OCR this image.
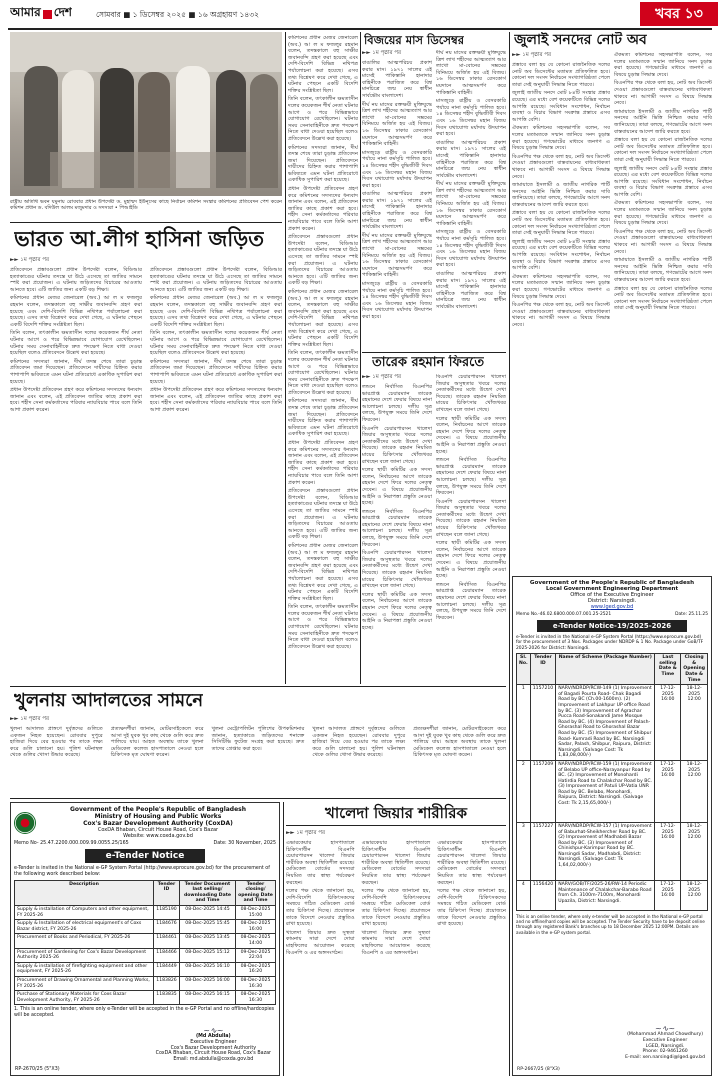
আমার দেশ	সোমবার ■ ১ ডিসেম্বর ২০২৫ ■ ১৬ অগ্রহায়ণ ১৪৩২	খবর ১৩
রাষ্ট্রীয় অতিথি ভবন যমুনায় রোববার প্রধান উপদেষ্টা ড. মুহাম্মদ ইউনূসের কাছে নির্বাচন কমিশন সংস্কার কমিশনের প্রতিবেদন পেশ করেন কমিশন প্রধান ড. বদিউল আলম মজুমদার ও সদস্যরা • পিআইডি
ভারত আ.লীগ হাসিনা জড়িত
►► ১ম পৃষ্ঠার পর

প্রতিবেদনে প্রস্তাবগুলো প্রধান উপদেষ্টা বলেন, বিডিআর হত্যাকাণ্ডের ঘটনার তদন্তে যা উঠে এসেছে তা জাতির সামনে স্পষ্ট করা প্রয়োজন। এ ঘটনায় জড়িতদের বিচারের আওতায় আনতে হবে। এটি জাতির জন্য একটি বড় শিক্ষা।

কমিশনের প্রধান মেজর জেনারেল (অব.) আ ল ম ফজলুর রহমান বলেন, তদন্তকালে বহু সাক্ষীর জবানবন্দি গ্রহণ করা হয়েছে এবং দেশি-বিদেশি বিভিন্ন নথিপত্র পর্যালোচনা করা হয়েছে। এসব তথ্য বিশ্লেষণ করে দেখা গেছে, এ ঘটনার পেছনে একটি বিদেশি শক্তির সংশ্লিষ্টতা ছিল।

তিনি বলেন, তৎকালীন ক্ষমতাসীন দলের কয়েকজন শীর্ষ নেতা ঘটনার আগে ও পরে বিভিন্নভাবে যোগাযোগ রেখেছিলেন। ঘটনার সময় সেনাবাহিনীকে দ্রুত পদক্ষেপ নিতে বাধা দেওয়া হয়েছিল বলেও প্রতিবেদনে উল্লেখ করা হয়েছে।

কমিশনের সদস্যরা জানান, দীর্ঘ তদন্ত শেষে তারা চূড়ান্ত প্রতিবেদন জমা দিয়েছেন। প্রতিবেদনে দায়ীদের চিহ্নিত করার পাশাপাশি ভবিষ্যতে এমন ঘটনা প্রতিরোধে একাধিক সুপারিশ করা হয়েছে।

প্রধান উপদেষ্টা প্রতিবেদন গ্রহণ করে কমিশনের সদস্যদের ধন্যবাদ জানান এবং বলেন, এই প্রতিবেদন জাতির কাছে প্রকাশ করা হবে। শহীদ সেনা কর্মকর্তাদের পরিবার ন্যায়বিচার পাবে বলে তিনি আশা প্রকাশ করেন।

প্রতিবেদনে প্রস্তাবগুলো প্রধান উপদেষ্টা বলেন, বিডিআর হত্যাকাণ্ডের ঘটনার তদন্তে যা উঠে এসেছে তা জাতির সামনে স্পষ্ট করা প্রয়োজন। এ ঘটনায় জড়িতদের বিচারের আওতায় আনতে হবে। এটি জাতির জন্য একটি বড় শিক্ষা।

কমিশনের প্রধান মেজর জেনারেল (অব.) আ ল ম ফজলুর রহমান বলেন, তদন্তকালে বহু সাক্ষীর জবানবন্দি গ্রহণ করা হয়েছে এবং দেশি-বিদেশি বিভিন্ন নথিপত্র পর্যালোচনা করা হয়েছে। এসব তথ্য বিশ্লেষণ করে দেখা গেছে, এ ঘটনার পেছনে একটি বিদেশি শক্তির সংশ্লিষ্টতা ছিল।

তিনি বলেন, তৎকালীন ক্ষমতাসীন দলের কয়েকজন শীর্ষ নেতা ঘটনার আগে ও পরে বিভিন্নভাবে যোগাযোগ রেখেছিলেন। ঘটনার সময় সেনাবাহিনীকে দ্রুত পদক্ষেপ নিতে বাধা দেওয়া হয়েছিল বলেও প্রতিবেদনে উল্লেখ করা হয়েছে।

কমিশনের সদস্যরা জানান, দীর্ঘ তদন্ত শেষে তারা চূড়ান্ত প্রতিবেদন জমা দিয়েছেন। প্রতিবেদনে দায়ীদের চিহ্নিত করার পাশাপাশি ভবিষ্যতে এমন ঘটনা প্রতিরোধে একাধিক সুপারিশ করা হয়েছে।

প্রধান উপদেষ্টা প্রতিবেদন গ্রহণ করে কমিশনের সদস্যদের ধন্যবাদ জানান এবং বলেন, এই প্রতিবেদন জাতির কাছে প্রকাশ করা হবে। শহীদ সেনা কর্মকর্তাদের পরিবার ন্যায়বিচার পাবে বলে তিনি আশা প্রকাশ করেন।

কমিশনের প্রধান মেজর জেনারেল (অব.) আ ল ম ফজলুর রহমান বলেন, তদন্তকালে বহু সাক্ষীর জবানবন্দি গ্রহণ করা হয়েছে এবং দেশি-বিদেশি বিভিন্ন নথিপত্র পর্যালোচনা করা হয়েছে। এসব তথ্য বিশ্লেষণ করে দেখা গেছে, এ ঘটনার পেছনে একটি বিদেশি শক্তির সংশ্লিষ্টতা ছিল।

তিনি বলেন, তৎকালীন ক্ষমতাসীন দলের কয়েকজন শীর্ষ নেতা ঘটনার আগে ও পরে বিভিন্নভাবে যোগাযোগ রেখেছিলেন। ঘটনার সময় সেনাবাহিনীকে দ্রুত পদক্ষেপ নিতে বাধা দেওয়া হয়েছিল বলেও প্রতিবেদনে উল্লেখ করা হয়েছে।

কমিশনের সদস্যরা জানান, দীর্ঘ তদন্ত শেষে তারা চূড়ান্ত প্রতিবেদন জমা দিয়েছেন। প্রতিবেদনে দায়ীদের চিহ্নিত করার পাশাপাশি ভবিষ্যতে এমন ঘটনা প্রতিরোধে একাধিক সুপারিশ করা হয়েছে।

প্রধান উপদেষ্টা প্রতিবেদন গ্রহণ করে কমিশনের সদস্যদের ধন্যবাদ জানান এবং বলেন, এই প্রতিবেদন জাতির কাছে প্রকাশ করা হবে। শহীদ সেনা কর্মকর্তাদের পরিবার ন্যায়বিচার পাবে বলে তিনি আশা প্রকাশ করেন।

প্রতিবেদনে প্রস্তাবগুলো প্রধান উপদেষ্টা বলেন, বিডিআর হত্যাকাণ্ডের ঘটনার তদন্তে যা উঠে এসেছে তা জাতির সামনে স্পষ্ট করা প্রয়োজন। এ ঘটনায় জড়িতদের বিচারের আওতায় আনতে হবে। এটি জাতির জন্য একটি বড় শিক্ষা।

কমিশনের প্রধান মেজর জেনারেল (অব.) আ ল ম ফজলুর রহমান বলেন, তদন্তকালে বহু সাক্ষীর জবানবন্দি গ্রহণ করা হয়েছে এবং দেশি-বিদেশি বিভিন্ন নথিপত্র পর্যালোচনা করা হয়েছে। এসব তথ্য বিশ্লেষণ করে দেখা গেছে, এ ঘটনার পেছনে একটি বিদেশি শক্তির সংশ্লিষ্টতা ছিল।

তিনি বলেন, তৎকালীন ক্ষমতাসীন দলের কয়েকজন শীর্ষ নেতা ঘটনার আগে ও পরে বিভিন্নভাবে যোগাযোগ রেখেছিলেন। ঘটনার সময় সেনাবাহিনীকে দ্রুত পদক্ষেপ নিতে বাধা দেওয়া হয়েছিল বলেও প্রতিবেদনে উল্লেখ করা হয়েছে।

কমিশনের সদস্যরা জানান, দীর্ঘ তদন্ত শেষে তারা চূড়ান্ত প্রতিবেদন জমা দিয়েছেন। প্রতিবেদনে দায়ীদের চিহ্নিত করার পাশাপাশি ভবিষ্যতে এমন ঘটনা প্রতিরোধে একাধিক সুপারিশ করা হয়েছে।

প্রধান উপদেষ্টা প্রতিবেদন গ্রহণ করে কমিশনের সদস্যদের ধন্যবাদ জানান এবং বলেন, এই প্রতিবেদন জাতির কাছে প্রকাশ করা হবে। শহীদ সেনা কর্মকর্তাদের পরিবার ন্যায়বিচার পাবে বলে তিনি আশা প্রকাশ করেন।

প্রতিবেদনে প্রস্তাবগুলো প্রধান উপদেষ্টা বলেন, বিডিআর হত্যাকাণ্ডের ঘটনার তদন্তে যা উঠে এসেছে তা জাতির সামনে স্পষ্ট করা প্রয়োজন। এ ঘটনায় জড়িতদের বিচারের আওতায় আনতে হবে। এটি জাতির জন্য একটি বড় শিক্ষা।

কমিশনের প্রধান মেজর জেনারেল (অব.) আ ল ম ফজলুর রহমান বলেন, তদন্তকালে বহু সাক্ষীর জবানবন্দি গ্রহণ করা হয়েছে এবং দেশি-বিদেশি বিভিন্ন নথিপত্র পর্যালোচনা করা হয়েছে। এসব তথ্য বিশ্লেষণ করে দেখা গেছে, এ ঘটনার পেছনে একটি বিদেশি শক্তির সংশ্লিষ্টতা ছিল।

তিনি বলেন, তৎকালীন ক্ষমতাসীন দলের কয়েকজন শীর্ষ নেতা ঘটনার আগে ও পরে বিভিন্নভাবে যোগাযোগ রেখেছিলেন। ঘটনার সময় সেনাবাহিনীকে দ্রুত পদক্ষেপ নিতে বাধা দেওয়া হয়েছিল বলেও প্রতিবেদনে উল্লেখ করা হয়েছে।

বিজয়ের মাস ডিসেম্বর
►► ১ম পৃষ্ঠার পর

বাঙালির আত্মপরিচয় প্রকাশ করার মাস। ১৯৭১ সালের এই মাসেই পাকিস্তানি হানাদার বাহিনীকে পরাজিত করে বিশ্ব মানচিত্রে জন্ম নেয় স্বাধীন সার্বভৌম বাংলাদেশ।

দীর্ঘ নয় মাসের রক্তক্ষয়ী মুক্তিযুদ্ধে ত্রিশ লাখ শহীদের আত্মত্যাগ আর লাখো মা-বোনের সম্ভ্রমের বিনিময়ে অর্জিত হয় এই বিজয়। ১৬ ডিসেম্বর ঢাকার রেসকোর্স ময়দানে আত্মসমর্পণ করে পাকিস্তানি বাহিনী।

মাসজুড়ে রাষ্ট্রীয় ও বেসরকারি পর্যায়ে নানা কর্মসূচি পালিত হবে। ১৪ ডিসেম্বর শহীদ বুদ্ধিজীবী দিবস এবং ১৬ ডিসেম্বর মহান বিজয় দিবস যথাযোগ্য মর্যাদায় উদযাপন করা হবে।

বাঙালির আত্মপরিচয় প্রকাশ করার মাস। ১৯৭১ সালের এই মাসেই পাকিস্তানি হানাদার বাহিনীকে পরাজিত করে বিশ্ব মানচিত্রে জন্ম নেয় স্বাধীন সার্বভৌম বাংলাদেশ।

দীর্ঘ নয় মাসের রক্তক্ষয়ী মুক্তিযুদ্ধে ত্রিশ লাখ শহীদের আত্মত্যাগ আর লাখো মা-বোনের সম্ভ্রমের বিনিময়ে অর্জিত হয় এই বিজয়। ১৬ ডিসেম্বর ঢাকার রেসকোর্স ময়দানে আত্মসমর্পণ করে পাকিস্তানি বাহিনী।

মাসজুড়ে রাষ্ট্রীয় ও বেসরকারি পর্যায়ে নানা কর্মসূচি পালিত হবে। ১৪ ডিসেম্বর শহীদ বুদ্ধিজীবী দিবস এবং ১৬ ডিসেম্বর মহান বিজয় দিবস যথাযোগ্য মর্যাদায় উদযাপন করা হবে।

দীর্ঘ নয় মাসের রক্তক্ষয়ী মুক্তিযুদ্ধে ত্রিশ লাখ শহীদের আত্মত্যাগ আর লাখো মা-বোনের সম্ভ্রমের বিনিময়ে অর্জিত হয় এই বিজয়। ১৬ ডিসেম্বর ঢাকার রেসকোর্স ময়দানে আত্মসমর্পণ করে পাকিস্তানি বাহিনী।

মাসজুড়ে রাষ্ট্রীয় ও বেসরকারি পর্যায়ে নানা কর্মসূচি পালিত হবে। ১৪ ডিসেম্বর শহীদ বুদ্ধিজীবী দিবস এবং ১৬ ডিসেম্বর মহান বিজয় দিবস যথাযোগ্য মর্যাদায় উদযাপন করা হবে।

বাঙালির আত্মপরিচয় প্রকাশ করার মাস। ১৯৭১ সালের এই মাসেই পাকিস্তানি হানাদার বাহিনীকে পরাজিত করে বিশ্ব মানচিত্রে জন্ম নেয় স্বাধীন সার্বভৌম বাংলাদেশ।

দীর্ঘ নয় মাসের রক্তক্ষয়ী মুক্তিযুদ্ধে ত্রিশ লাখ শহীদের আত্মত্যাগ আর লাখো মা-বোনের সম্ভ্রমের বিনিময়ে অর্জিত হয় এই বিজয়। ১৬ ডিসেম্বর ঢাকার রেসকোর্স ময়দানে আত্মসমর্পণ করে পাকিস্তানি বাহিনী।

মাসজুড়ে রাষ্ট্রীয় ও বেসরকারি পর্যায়ে নানা কর্মসূচি পালিত হবে। ১৪ ডিসেম্বর শহীদ বুদ্ধিজীবী দিবস এবং ১৬ ডিসেম্বর মহান বিজয় দিবস যথাযোগ্য মর্যাদায় উদযাপন করা হবে।

বাঙালির আত্মপরিচয় প্রকাশ করার মাস। ১৯৭১ সালের এই মাসেই পাকিস্তানি হানাদার বাহিনীকে পরাজিত করে বিশ্ব মানচিত্রে জন্ম নেয় স্বাধীন সার্বভৌম বাংলাদেশ।

তারেক রহমান ফিরতে
►► ১ম পৃষ্ঠার পর

লন্ডনে নির্বাসিত বিএনপির ভারপ্রাপ্ত চেয়ারম্যান তারেক রহমানের দেশে ফেরার বিষয়ে নানা আলোচনা চলছে। দলীয় সূত্র বলছে, উপযুক্ত সময়ে তিনি দেশে ফিরবেন।

বিএনপি চেয়ারপারসন খালেদা জিয়ার অসুস্থতার খবরে দলের নেতাকর্মীদের মধ্যে উদ্বেগ দেখা দিয়েছে। তারেক রহমান নিয়মিত মায়ের চিকিৎসার খোঁজখবর রাখছেন বলে জানা গেছে।

দলের স্থায়ী কমিটির এক সদস্য বলেন, নির্বাচনের আগে তারেক রহমান দেশে ফিরে দলের নেতৃত্ব দেবেন। এ বিষয়ে প্রয়োজনীয় আইনি ও নিরাপত্তা প্রস্তুতি নেওয়া হচ্ছে।

লন্ডনে নির্বাসিত বিএনপির ভারপ্রাপ্ত চেয়ারম্যান তারেক রহমানের দেশে ফেরার বিষয়ে নানা আলোচনা চলছে। দলীয় সূত্র বলছে, উপযুক্ত সময়ে তিনি দেশে ফিরবেন।

বিএনপি চেয়ারপারসন খালেদা জিয়ার অসুস্থতার খবরে দলের নেতাকর্মীদের মধ্যে উদ্বেগ দেখা দিয়েছে। তারেক রহমান নিয়মিত মায়ের চিকিৎসার খোঁজখবর রাখছেন বলে জানা গেছে।

দলের স্থায়ী কমিটির এক সদস্য বলেন, নির্বাচনের আগে তারেক রহমান দেশে ফিরে দলের নেতৃত্ব দেবেন। এ বিষয়ে প্রয়োজনীয় আইনি ও নিরাপত্তা প্রস্তুতি নেওয়া হচ্ছে।

বিএনপি চেয়ারপারসন খালেদা জিয়ার অসুস্থতার খবরে দলের নেতাকর্মীদের মধ্যে উদ্বেগ দেখা দিয়েছে। তারেক রহমান নিয়মিত মায়ের চিকিৎসার খোঁজখবর রাখছেন বলে জানা গেছে।

দলের স্থায়ী কমিটির এক সদস্য বলেন, নির্বাচনের আগে তারেক রহমান দেশে ফিরে দলের নেতৃত্ব দেবেন। এ বিষয়ে প্রয়োজনীয় আইনি ও নিরাপত্তা প্রস্তুতি নেওয়া হচ্ছে।

লন্ডনে নির্বাসিত বিএনপির ভারপ্রাপ্ত চেয়ারম্যান তারেক রহমানের দেশে ফেরার বিষয়ে নানা আলোচনা চলছে। দলীয় সূত্র বলছে, উপযুক্ত সময়ে তিনি দেশে ফিরবেন।

বিএনপি চেয়ারপারসন খালেদা জিয়ার অসুস্থতার খবরে দলের নেতাকর্মীদের মধ্যে উদ্বেগ দেখা দিয়েছে। তারেক রহমান নিয়মিত মায়ের চিকিৎসার খোঁজখবর রাখছেন বলে জানা গেছে।

দলের স্থায়ী কমিটির এক সদস্য বলেন, নির্বাচনের আগে তারেক রহমান দেশে ফিরে দলের নেতৃত্ব দেবেন। এ বিষয়ে প্রয়োজনীয় আইনি ও নিরাপত্তা প্রস্তুতি নেওয়া হচ্ছে।

লন্ডনে নির্বাসিত বিএনপির ভারপ্রাপ্ত চেয়ারম্যান তারেক রহমানের দেশে ফেরার বিষয়ে নানা আলোচনা চলছে। দলীয় সূত্র বলছে, উপযুক্ত সময়ে তিনি দেশে ফিরবেন।

জুলাই সনদের নোট অব
►► ১ম পৃষ্ঠার পর

প্রস্তাবে বলা হয় যে কোনো রাজনৈতিক দলের নোট অব ডিসেন্টের মতামত প্রতিফলিত হবে। কোনো দল সংসদ নির্বাচনে সংখ্যাগরিষ্ঠতা পেলে তারা সেই অনুযায়ী সিদ্ধান্ত নিতে পারবে।

জুলাই জাতীয় সনদে মোট ৮৪টি সংস্কার প্রস্তাব রয়েছে। এর মধ্যে বেশ কয়েকটিতে বিভিন্ন দলের আপত্তি রয়েছে। সংবিধান সংশোধন, নির্বাচন ব্যবস্থা ও বিচার বিভাগ সংক্রান্ত প্রস্তাবে এসব আপত্তি বেশি।

ঐকমত্য কমিশনের সহসভাপতি বলেন, সব দলের মতামতকে সম্মান জানিয়ে সনদ চূড়ান্ত করা হয়েছে। গণভোটের মাধ্যমে জনগণ এ বিষয়ে চূড়ান্ত সিদ্ধান্ত দেবে।

বিএনপির পক্ষ থেকে বলা হয়, নোট অব ডিসেন্ট দেওয়া প্রস্তাবগুলো বাস্তবায়নের বাধ্যবাধকতা থাকবে না। আগামী সংসদ এ বিষয়ে সিদ্ধান্ত নেবে।

জামায়াতে ইসলামী ও জাতীয় নাগরিক পার্টি সনদের আইনি ভিত্তি নিশ্চিত করার দাবি জানিয়েছে। তারা বলছে, গণভোটের আগে সনদ বাস্তবায়নের আদেশ জারি করতে হবে।

প্রস্তাবে বলা হয় যে কোনো রাজনৈতিক দলের নোট অব ডিসেন্টের মতামত প্রতিফলিত হবে। কোনো দল সংসদ নির্বাচনে সংখ্যাগরিষ্ঠতা পেলে তারা সেই অনুযায়ী সিদ্ধান্ত নিতে পারবে।

জুলাই জাতীয় সনদে মোট ৮৪টি সংস্কার প্রস্তাব রয়েছে। এর মধ্যে বেশ কয়েকটিতে বিভিন্ন দলের আপত্তি রয়েছে। সংবিধান সংশোধন, নির্বাচন ব্যবস্থা ও বিচার বিভাগ সংক্রান্ত প্রস্তাবে এসব আপত্তি বেশি।

ঐকমত্য কমিশনের সহসভাপতি বলেন, সব দলের মতামতকে সম্মান জানিয়ে সনদ চূড়ান্ত করা হয়েছে। গণভোটের মাধ্যমে জনগণ এ বিষয়ে চূড়ান্ত সিদ্ধান্ত দেবে।

বিএনপির পক্ষ থেকে বলা হয়, নোট অব ডিসেন্ট দেওয়া প্রস্তাবগুলো বাস্তবায়নের বাধ্যবাধকতা থাকবে না। আগামী সংসদ এ বিষয়ে সিদ্ধান্ত নেবে।

ঐকমত্য কমিশনের সহসভাপতি বলেন, সব দলের মতামতকে সম্মান জানিয়ে সনদ চূড়ান্ত করা হয়েছে। গণভোটের মাধ্যমে জনগণ এ বিষয়ে চূড়ান্ত সিদ্ধান্ত দেবে।

বিএনপির পক্ষ থেকে বলা হয়, নোট অব ডিসেন্ট দেওয়া প্রস্তাবগুলো বাস্তবায়নের বাধ্যবাধকতা থাকবে না। আগামী সংসদ এ বিষয়ে সিদ্ধান্ত নেবে।

জামায়াতে ইসলামী ও জাতীয় নাগরিক পার্টি সনদের আইনি ভিত্তি নিশ্চিত করার দাবি জানিয়েছে। তারা বলছে, গণভোটের আগে সনদ বাস্তবায়নের আদেশ জারি করতে হবে।

প্রস্তাবে বলা হয় যে কোনো রাজনৈতিক দলের নোট অব ডিসেন্টের মতামত প্রতিফলিত হবে। কোনো দল সংসদ নির্বাচনে সংখ্যাগরিষ্ঠতা পেলে তারা সেই অনুযায়ী সিদ্ধান্ত নিতে পারবে।

জুলাই জাতীয় সনদে মোট ৮৪টি সংস্কার প্রস্তাব রয়েছে। এর মধ্যে বেশ কয়েকটিতে বিভিন্ন দলের আপত্তি রয়েছে। সংবিধান সংশোধন, নির্বাচন ব্যবস্থা ও বিচার বিভাগ সংক্রান্ত প্রস্তাবে এসব আপত্তি বেশি।

ঐকমত্য কমিশনের সহসভাপতি বলেন, সব দলের মতামতকে সম্মান জানিয়ে সনদ চূড়ান্ত করা হয়েছে। গণভোটের মাধ্যমে জনগণ এ বিষয়ে চূড়ান্ত সিদ্ধান্ত দেবে।

বিএনপির পক্ষ থেকে বলা হয়, নোট অব ডিসেন্ট দেওয়া প্রস্তাবগুলো বাস্তবায়নের বাধ্যবাধকতা থাকবে না। আগামী সংসদ এ বিষয়ে সিদ্ধান্ত নেবে।

জামায়াতে ইসলামী ও জাতীয় নাগরিক পার্টি সনদের আইনি ভিত্তি নিশ্চিত করার দাবি জানিয়েছে। তারা বলছে, গণভোটের আগে সনদ বাস্তবায়নের আদেশ জারি করতে হবে।

প্রস্তাবে বলা হয় যে কোনো রাজনৈতিক দলের নোট অব ডিসেন্টের মতামত প্রতিফলিত হবে। কোনো দল সংসদ নির্বাচনে সংখ্যাগরিষ্ঠতা পেলে তারা সেই অনুযায়ী সিদ্ধান্ত নিতে পারবে।

Government of the People's Republic of Bangladesh
Local Government Engineering Department
Office of the Executive Engineer
District: Narsingdi.
www.lged.gov.bd
Memo No.-46.02.6800.000.07.001.25-2521	Date: 25.11.25
e-Tender Notice-19/2025-2026
e-Tender is invited in the National e-GP System Portal (https://www.eprocure.gov.bd) for the procurement of 3 Nos. Packages under NDRDP & 1 No. Package under GoB/TF 2025-2026 for District: Narsingdi.
Sl. No.	Tender ID	Name of Scheme (Package Number)	Last selling Date & Time	Closing & Opening Date & Time
1	1157210	NARV/NDRDP/RCW-149 (1) Improvement of Bagadi Pourta Road- Chak Bagadi Road by BC (Ch.00-1600m). (2) Improvement of Lakhpur UP office Road by BC. (3) Improvement of Agrachar Pucca Road-Sonakandi Jame Mosque Road by BC. (4) Improvement of Palash-Ghorashal Road to Ghorashal Bazar Road by BC. (5) Improvement of Shibpur Road- Kumradi Road by BC. Narsingdi Sadar, Palash, Shibpur, Raipura, District: Narsingdi. (Salvage Cost: Tk 1,83,08,000/-)	17-12-2025 16:00	18-12-2025 12:00
2	1157209	NARV/NDRDP/RCW-159 (1) Improvement of Belabo UP office-Narayanpur Road by BC. (2) Improvement of Monohardi Hatirdia Road to Chalakchar Road by BC. (3) Improvement of Patuli UP-Vatia UNR Road by BC. Belabo, Monohardi, Raipura, District: Narsingdi. (Salvage Cost: Tk 2,15,65,000/-)	17-12-2025 16:00	18-12-2025 12:00
3	1157227	NARV/NDRDP/RCW-157 (1) Improvement of Baburhat-Sheikhercher Road by BC. (2) Improvement of Madhabdi Bazar Road by BC. (3) Improvement of Chinishpur-Karimpur Road by BC. Narsingdi Sadar, Madhabdi, District: Narsingdi. (Salvage Cost: Tk 1,64,02,000/-)	17-12-2025 16:00	18-12-2025 12:00
4	1156420	NARV/GOB/TF/2025-26/RW-14 Periodic Maintenance of Chalakchar-Barabo Road from Ch. 3100m-7100m, Monohardi Upazila, District: Narsingdi.	17-12-2025 16:00	18-12-2025 12:00
This is an online tender, where only e-tender will be accepted in the National e-GP portal and no offline/hard copies will be accepted. The Tender Security have to be deposit online through any registered Bank's branches up to 18 December 2025 12:00PM. Details are available in the e-GP system portal.
~∿~
(Mohammad Ahmad Chowdhury)
Executive Engineer
LGED, Narsingdi.
Phone: 02-9461260
E-mail: xen.narsingdi@lged.gov.bd
RP-2667/25 (8"X3)
খুলনায় আদালতের সামনে
►► ১ম পৃষ্ঠার পর

খুলনা আদালত প্রাঙ্গণে দুর্বৃত্তদের গুলিতে একজন নিহত হয়েছেন। রোববার দুপুরে হাজিরা দিয়ে বের হওয়ার পর তাকে লক্ষ্য করে গুলি চালানো হয়। পুলিশ ঘটনাস্থল থেকে গুলির খোসা উদ্ধার করেছে।

প্রত্যক্ষদর্শীরা জানান, মোটরসাইকেলে করে আসা দুই যুবক খুব কাছ থেকে গুলি করে দ্রুত পালিয়ে যায়। আহত অবস্থায় তাকে খুলনা মেডিকেল কলেজ হাসপাতালে নেওয়া হলে চিকিৎসক মৃত ঘোষণা করেন।

খুলনা মেট্রোপলিটন পুলিশের উপকমিশনার জানান, হত্যাকাণ্ডে জড়িতদের শনাক্তে সিসিটিভি ফুটেজ সংগ্রহ করা হয়েছে। দ্রুত তাদের গ্রেপ্তার করা হবে।

খুলনা আদালত প্রাঙ্গণে দুর্বৃত্তদের গুলিতে একজন নিহত হয়েছেন। রোববার দুপুরে হাজিরা দিয়ে বের হওয়ার পর তাকে লক্ষ্য করে গুলি চালানো হয়। পুলিশ ঘটনাস্থল থেকে গুলির খোসা উদ্ধার করেছে।

প্রত্যক্ষদর্শীরা জানান, মোটরসাইকেলে করে আসা দুই যুবক খুব কাছ থেকে গুলি করে দ্রুত পালিয়ে যায়। আহত অবস্থায় তাকে খুলনা মেডিকেল কলেজ হাসপাতালে নেওয়া হলে চিকিৎসক মৃত ঘোষণা করেন।

Government of the People's Republic of Bangladesh
Ministry of Housing and Public Works
Cox's Bazar Development Authority (CoxDA)
CoxDA Bhaban, Circuit House Road, Cox's Bazar
Website: www.coxda.gov.bd
Memo No- 25.47.2200.000.009.99.0055.25/165	Date: 30 November, 2025
e-Tender Notice
e-Tender is invited in the National e-GP System Portal (http://www.eprocure.gov.bd) for the procurement of the following work described below:
Description	Tender ID	Tender Document last selling/ downloading Date and Time	Tender closing/ opening Date and Time
Supply & installation of Computers and other equipment, FY 2025-26	1185190	08-Dec-2025 14:45	08-Dec-2025 15:00
Supply & Installation of electrical equipment's of Coxs Bazar district, FY 2025-26	1184676	08-Dec-2025 15:45	08-Dec-2025 16:00
Procurement of Books and Periodical, FY 2025-26	1184461	08-Dec-2025 13:45	08-Dec-2025 14:00
Procurement of Gardening for Cox's Bazar Development Authority 2025-26	1184466	08-Dec-2025 15:12	09-Dec-2025 22:04
Supply & installation of firefighting equipment and other equipment, FY 2025-26	1184449	08-Dec-2025 16:10	08-Dec-2025 16:20
Procurement of Drawing Ornamental and Planning Works, FY 2025-26	1183826	08-Dec-2025 16:00	08-Dec-2025 16:30
Purchase of Stationary Materials for Coxs Bazar Development Authority, FY 2025-26	1183835	08-Dec-2025 16:15	08-Dec-2025 16:30
1. This is an online tender, where only e-Tender will be accepted in the e-GP Portal and no offline/hardcopies will be accepted.
~∿~
(Md Abdulla)
Executive Engineer
Cox's Bazar Development Authority
CoxDA Bhaban, Circuit House Road, Cox's Bazar
Email: md.abdulla@coxda.gov.bd
RP-2670/25 (5"X3)
খালেদা জিয়ার শারীরিক
►► ১ম পৃষ্ঠার পর

এভারকেয়ার হাসপাতালে চিকিৎসাধীন বিএনপি চেয়ারপারসন খালেদা জিয়ার শারীরিক অবস্থা স্থিতিশীল রয়েছে। মেডিকেল বোর্ডের সদস্যরা নিয়মিত তার স্বাস্থ্য পর্যবেক্ষণ করছেন।

দলের পক্ষ থেকে জানানো হয়, দেশি-বিদেশি চিকিৎসকদের সমন্বয়ে গঠিত মেডিকেল বোর্ড তার চিকিৎসা দিচ্ছে। প্রয়োজনে তাকে বিদেশে নেওয়ার প্রস্তুতিও রাখা হয়েছে।

খালেদা জিয়ার দ্রুত সুস্থতা কামনায় সারা দেশে দোয়া মাহফিলের আয়োজন করেছে বিএনপি ও এর অঙ্গসংগঠন।

এভারকেয়ার হাসপাতালে চিকিৎসাধীন বিএনপি চেয়ারপারসন খালেদা জিয়ার শারীরিক অবস্থা স্থিতিশীল রয়েছে। মেডিকেল বোর্ডের সদস্যরা নিয়মিত তার স্বাস্থ্য পর্যবেক্ষণ করছেন।

দলের পক্ষ থেকে জানানো হয়, দেশি-বিদেশি চিকিৎসকদের সমন্বয়ে গঠিত মেডিকেল বোর্ড তার চিকিৎসা দিচ্ছে। প্রয়োজনে তাকে বিদেশে নেওয়ার প্রস্তুতিও রাখা হয়েছে।

খালেদা জিয়ার দ্রুত সুস্থতা কামনায় সারা দেশে দোয়া মাহফিলের আয়োজন করেছে বিএনপি ও এর অঙ্গসংগঠন।

এভারকেয়ার হাসপাতালে চিকিৎসাধীন বিএনপি চেয়ারপারসন খালেদা জিয়ার শারীরিক অবস্থা স্থিতিশীল রয়েছে। মেডিকেল বোর্ডের সদস্যরা নিয়মিত তার স্বাস্থ্য পর্যবেক্ষণ করছেন।

দলের পক্ষ থেকে জানানো হয়, দেশি-বিদেশি চিকিৎসকদের সমন্বয়ে গঠিত মেডিকেল বোর্ড তার চিকিৎসা দিচ্ছে। প্রয়োজনে তাকে বিদেশে নেওয়ার প্রস্তুতিও রাখা হয়েছে।
